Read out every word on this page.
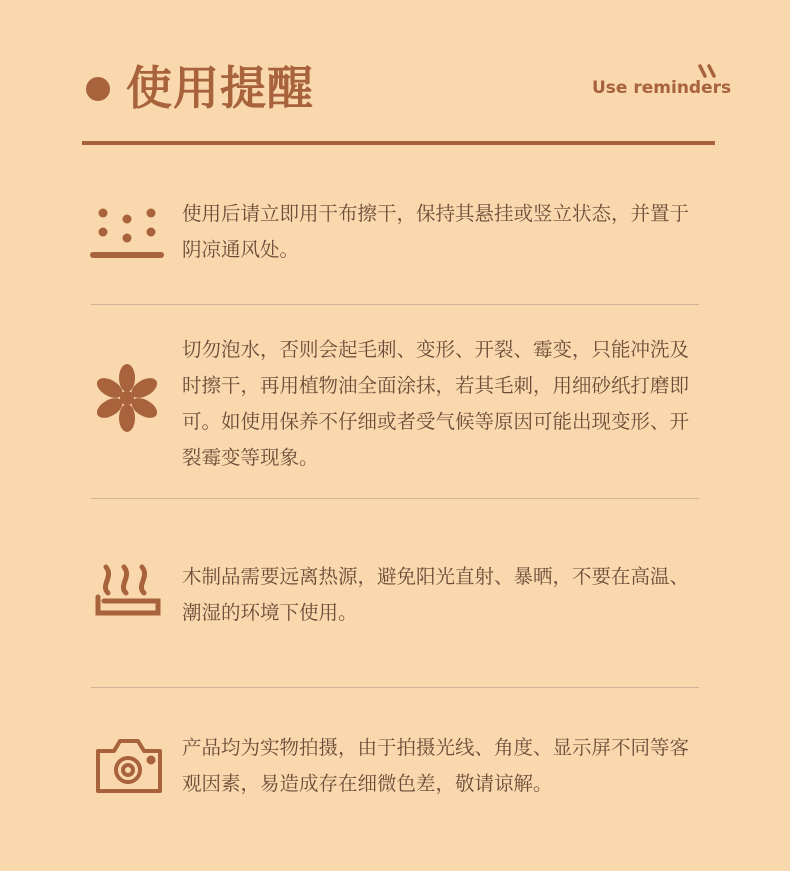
使用提醒	Use reminders
使用后请立即用干布擦干，保持其悬挂或竖立状态，并置于阴凉通风处。
切勿泡水，否则会起毛刺、变形、开裂、霉变，只能冲洗及时擦干，再用植物油全面涂抹，若其毛刺，用细砂纸打磨即可。如使用保养不仔细或者受气候等原因可能出现变形、开裂霉变等现象。
木制品需要远离热源，避免阳光直射、暴晒，不要在高温、潮湿的环境下使用。
产品均为实物拍摄，由于拍摄光线、角度、显示屏不同等客观因素，易造成存在细微色差，敬请谅解。
